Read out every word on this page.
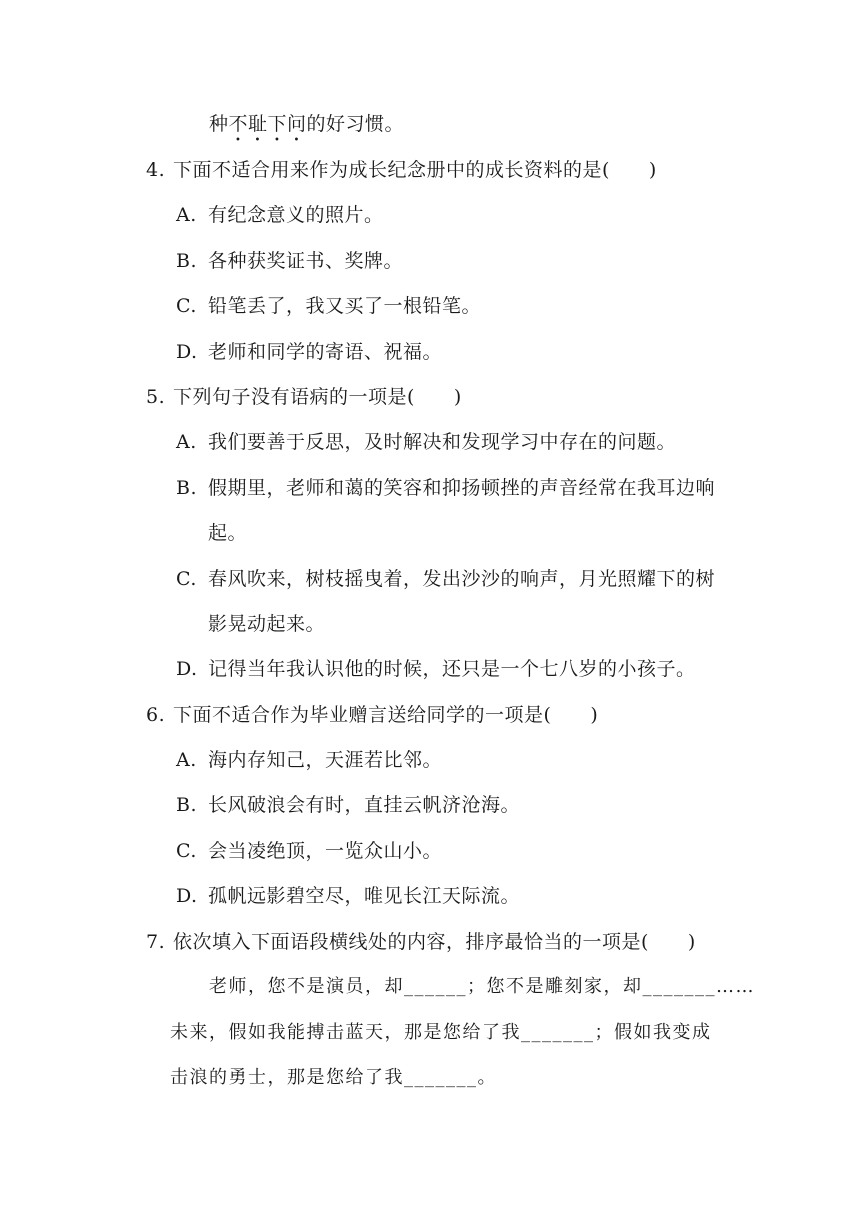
种不耻下问的好习惯。
4. 下面不适合用来作为成长纪念册中的成长资料的是(　　)
A. 有纪念意义的照片。
B. 各种获奖证书、奖牌。
C. 铅笔丢了，我又买了一根铅笔。
D. 老师和同学的寄语、祝福。
5. 下列句子没有语病的一项是(　　)
A. 我们要善于反思，及时解决和发现学习中存在的问题。
B. 假期里，老师和蔼的笑容和抑扬顿挫的声音经常在我耳边响
起。
C. 春风吹来，树枝摇曳着，发出沙沙的响声，月光照耀下的树
影晃动起来。
D. 记得当年我认识他的时候，还只是一个七八岁的小孩子。
6. 下面不适合作为毕业赠言送给同学的一项是(　　)
A. 海内存知己，天涯若比邻。
B. 长风破浪会有时，直挂云帆济沧海。
C. 会当凌绝顶，一览众山小。
D. 孤帆远影碧空尽，唯见长江天际流。
7. 依次填入下面语段横线处的内容，排序最恰当的一项是(　　)
老师，您不是演员，却______；您不是雕刻家，却_______……
未来，假如我能搏击蓝天，那是您给了我_______；假如我变成
击浪的勇士，那是您给了我_______。
